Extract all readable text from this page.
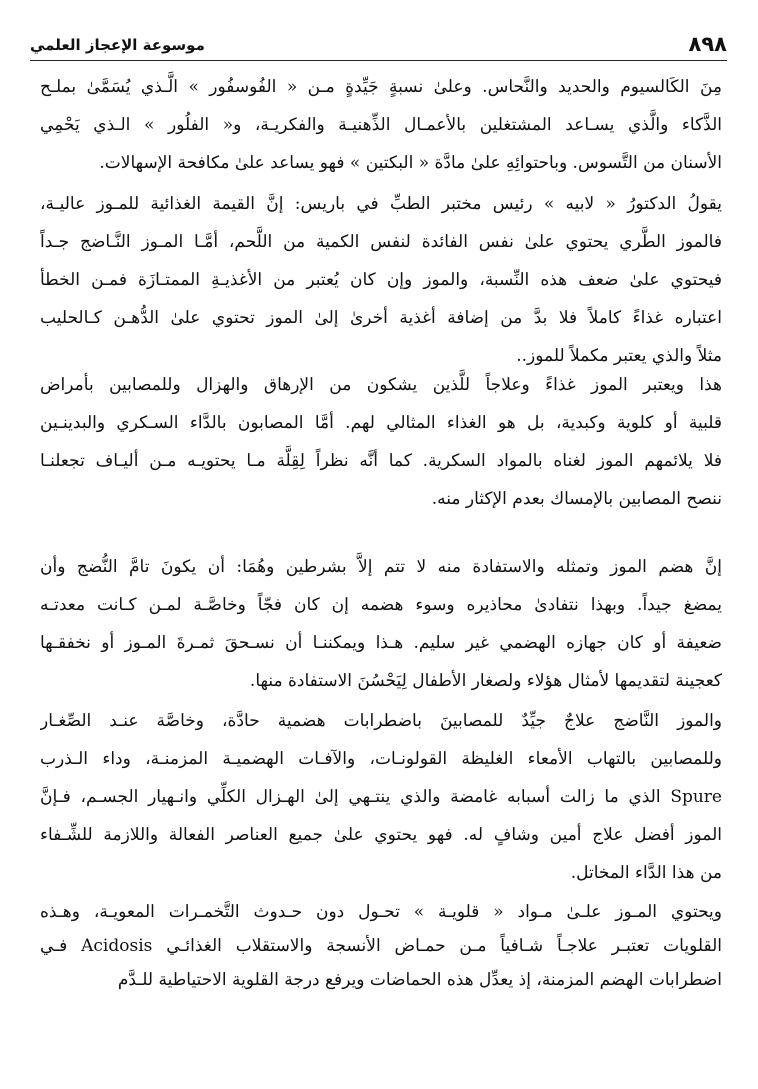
موسوعة الإعجاز العلمي	٨٩٨

مِنَ الكَالسيوم والحديد والنَّحاس. وعلىٰ نسبةٍ جَيِّدةٍ مـن « الفُوسفُور » الَّـذي يُسَمَّىٰ بملـح

الذَّكاء والَّذي يسـاعد المشتغلين بالأعمـال الذِّهنيـة والفكريـة، و« الفلُور » الـذي يَحْمِي

الأسنان من التَّسوس. وباحتوائِهِ علىٰ مادَّة « البكتين » فهو يساعد علىٰ مكافحة الإسهالات.

يقولُ الدكتورُ « لابيه » رئيس مختبر الطبِّ في باريس: إنَّ القيمة الغذائية للمـوز عاليـة،

فالموز الطَّري يحتوي علىٰ نفس الفائدة لنفس الكمية من اللَّحم، أمَّـا المـوز النَّـاضج جـداً

فيحتوي علىٰ ضعف هذه النِّسبة، والموز وإن كان يُعتبر من الأغذيـةِ الممتـازَة فمـن الخطأ

اعتباره غذاءً كاملاً فلا بدَّ من إضافة أغذية أخرىٰ إلىٰ الموز تحتوي علىٰ الدُّهـن كـالحليب

مثلاً والذي يعتبر مكملاً للموز..

هذا ويعتبر الموز غذاءً وعلاجاً للَّذين يشكون من الإرهاق والهزال وللمصابين بأمراض

قلبية أو كلوية وكبدية، بل هو الغذاء المثالي لهم. أمَّا المصابون بالدَّاء السـكري والبدينـين

فلا يلائمهم الموز لغناه بالمواد السكرية. كما أنَّه نظراً لِقِلَّة مـا يحتويـه مـن أليـاف تجعلنـا

ننصح المصابين بالإمساك بعدم الإكثار منه.

إنَّ هضم الموز وتمثله والاستفادة منه لا تتم إلاَّ بشرطين وهُمَا: أن يكونَ تامَّ النُّضج وأن

يمضغ جيداً. وبهذا نتفادىٰ محاذيره وسوء هضمه إن كان فجّاً وخاصَّـة لمـن كـانت معدتـه

ضعيفة أو كان جهازه الهضمي غير سليم. هـذا ويمكننـا أن نسـحقَ ثمـرةَ المـوز أو نخفقـها

كعجينة لتقديمها لأمثال هؤلاء ولصغار الأطفال لِيَحْسُنَ الاستفادة منها.

والموز النَّاضج علاجٌ جيِّدٌ للمصابينَ باضطرابات هضمية حادَّة، وخاصَّة عنـد الصِّغـار

وللمصابين بالتهاب الأمعاء الغليظة القولونـات، والآفـات الهضميـة المزمنـة، وداء الـذرب

Spure الذي ما زالت أسبابه غامضة والذي ينتـهي إلىٰ الهـزال الكلِّي وانـهيار الجسـم، فـإنَّ

الموز أفضل علاج أمين وشافٍ له. فهو يحتوي علىٰ جميع العناصر الفعالة واللازمة للشِّـفاء

من هذا الدَّاء المخاتل.

ويحتوي المـوز علـىٰ مـواد « قلويـة » تحـول دون حـدوث التَّخمـرات المعويـة، وهـذه

القلويات تعتبـر علاجـاً شـافياً مـن حمـاض الأنسجة والاستقلاب الغذائـي Acidosis فـي

اضطرابات الهضم المزمنة، إذ يعدِّل هذه الحماضات ويرفع درجة القلوية الاحتياطية للـدَّم
